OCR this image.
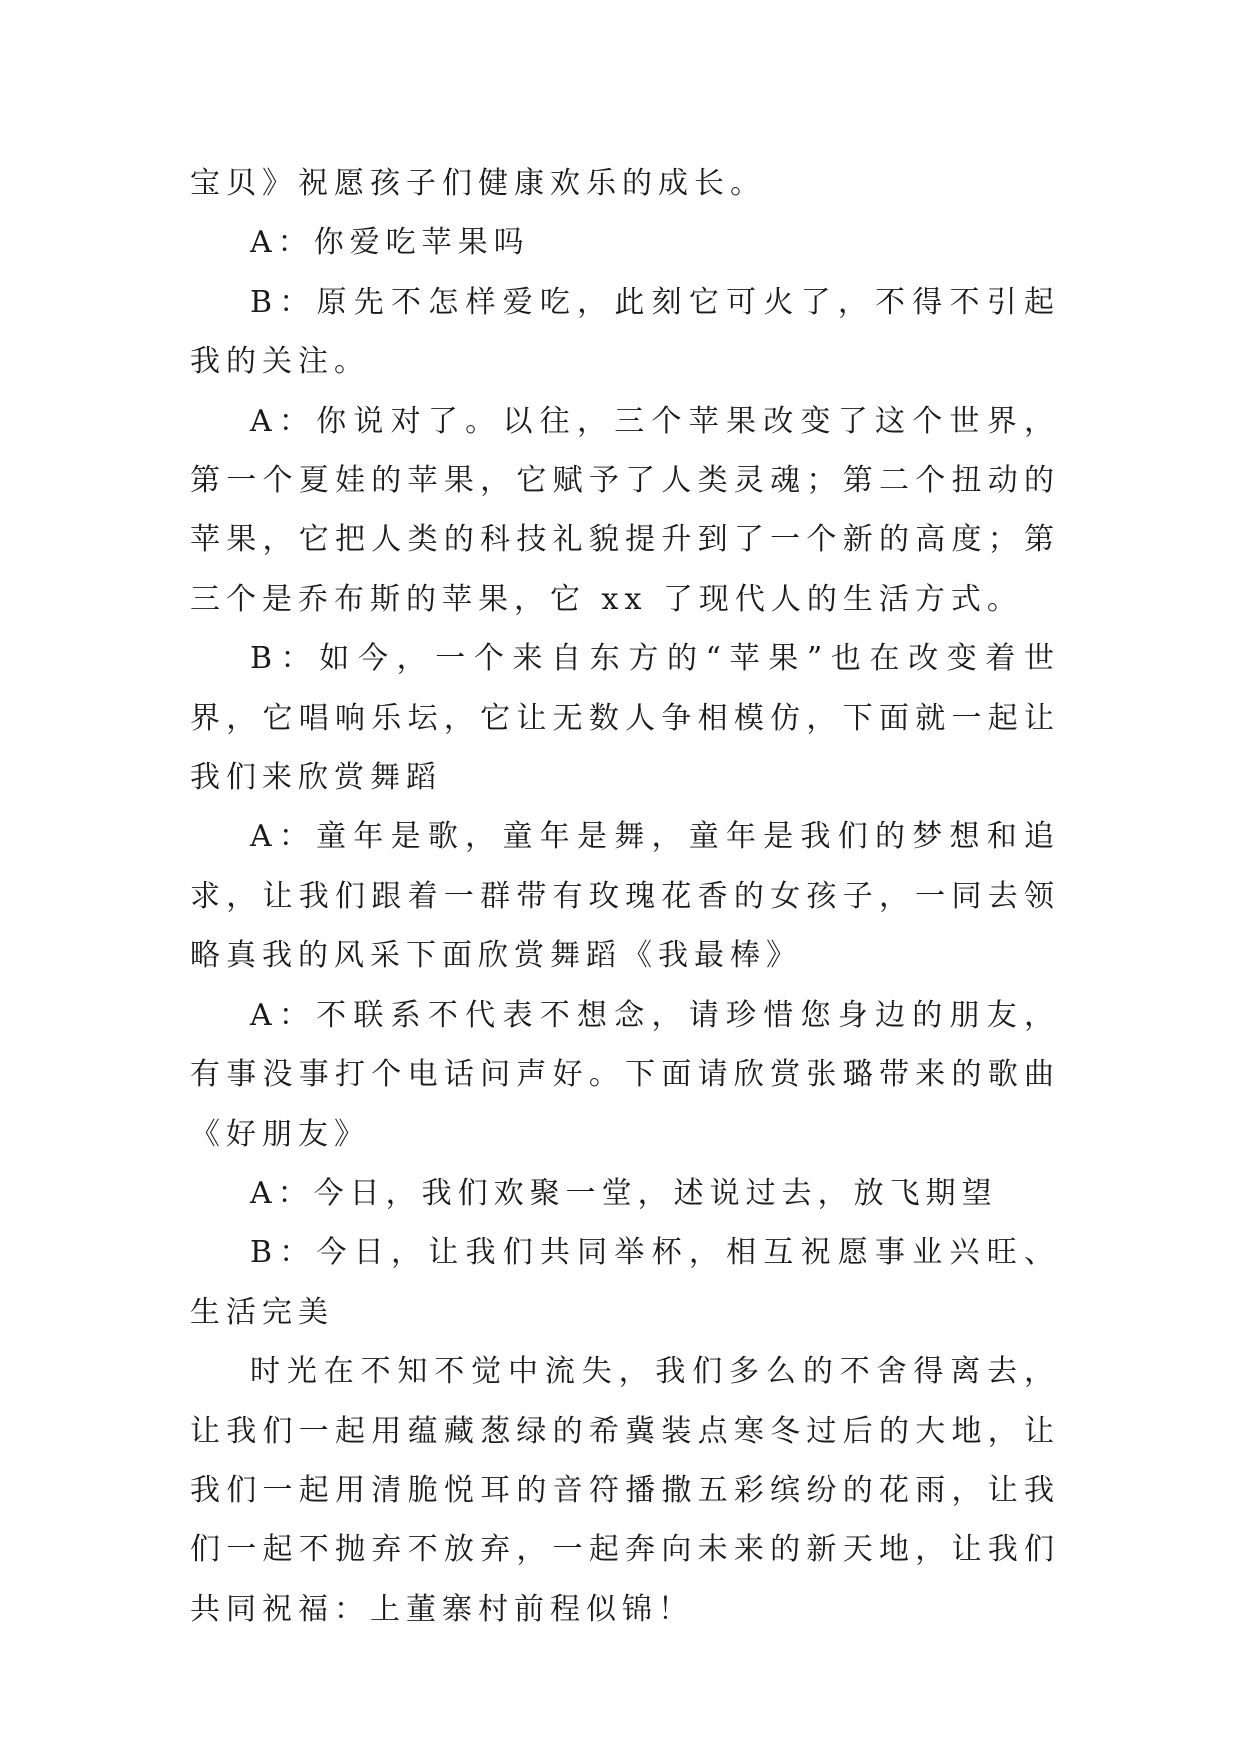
宝贝》祝愿孩子们健康欢乐的成长。

A：你爱吃苹果吗

B：原先不怎样爱吃，此刻它可火了，不得不引起我的关注。

A：你说对了。以往，三个苹果改变了这个世界，第一个夏娃的苹果，它赋予了人类灵魂；第二个扭动的苹果，它把人类的科技礼貌提升到了一个新的高度；第三个是乔布斯的苹果，它 xx 了现代人的生活方式。

B：如今，一个来自东方的“苹果”也在改变着世界，它唱响乐坛，它让无数人争相模仿，下面就一起让我们来欣赏舞蹈

A：童年是歌，童年是舞，童年是我们的梦想和追求，让我们跟着一群带有玫瑰花香的女孩子，一同去领略真我的风采下面欣赏舞蹈《我最棒》

A：不联系不代表不想念，请珍惜您身边的朋友，有事没事打个电话问声好。下面请欣赏张璐带来的歌曲《好朋友》

A：今日，我们欢聚一堂，述说过去，放飞期望

B：今日，让我们共同举杯，相互祝愿事业兴旺、生活完美

时光在不知不觉中流失，我们多么的不舍得离去，让我们一起用蕴藏葱绿的希冀装点寒冬过后的大地，让我们一起用清脆悦耳的音符播撒五彩缤纷的花雨，让我们一起不抛弃不放弃，一起奔向未来的新天地，让我们共同祝福：上董寨村前程似锦！
